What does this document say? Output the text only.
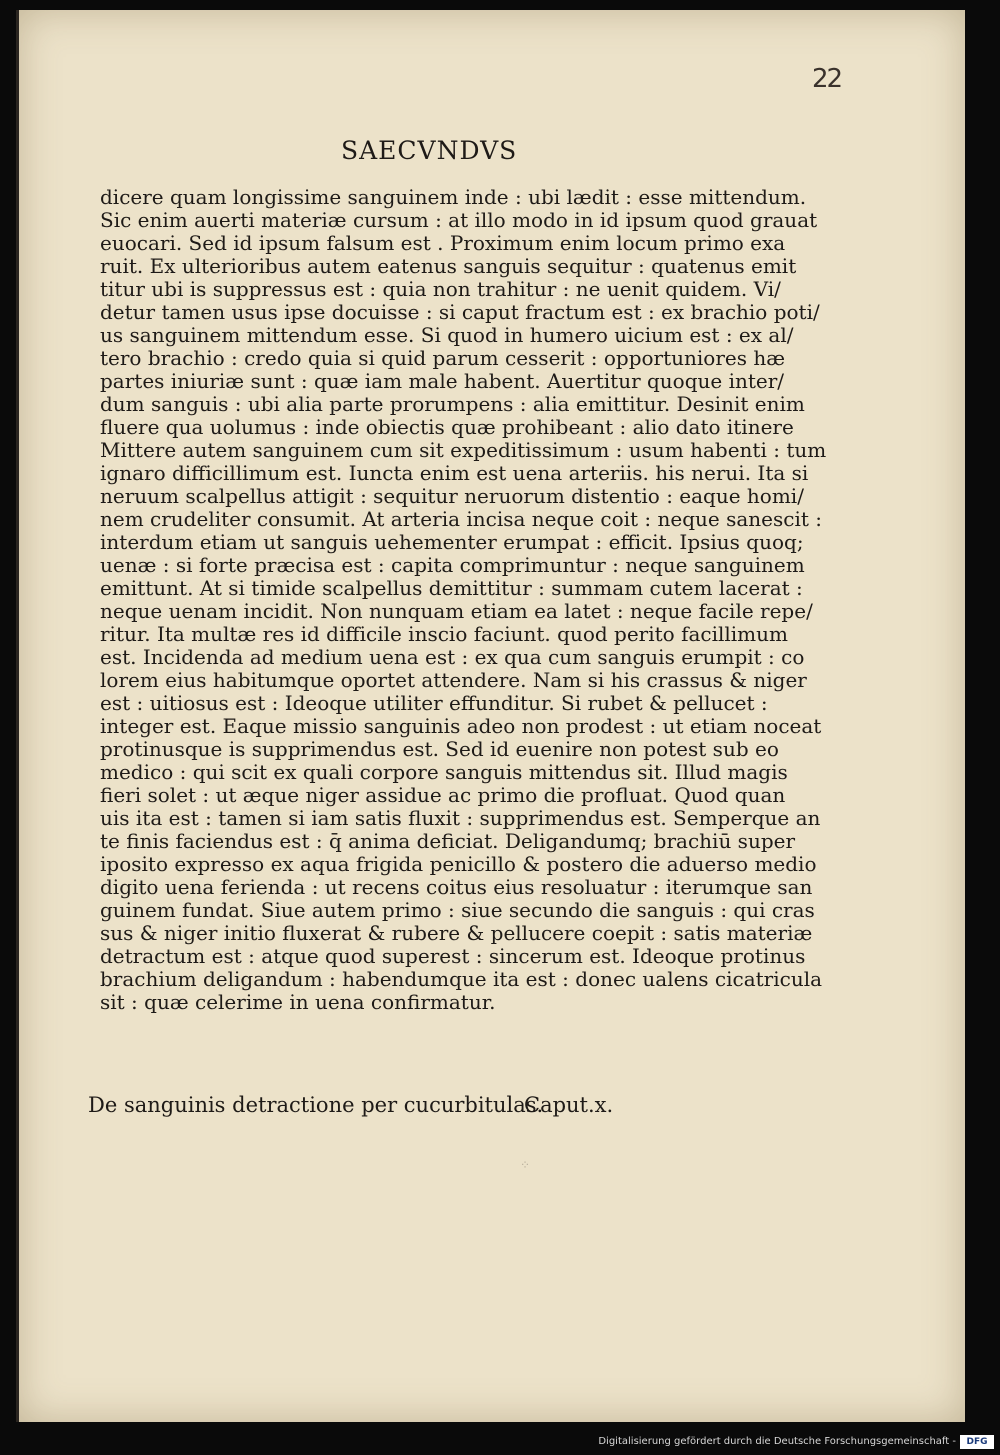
22
SAECVNDVS
dicere quam longissime sanguinem inde : ubi lædit : esse mittendum.
Sic enim auerti materiæ cursum : at illo modo in id ipsum quod grauat
euocari. Sed id ipsum falsum est . Proximum enim locum primo exa
ruit. Ex ulterioribus autem eatenus sanguis sequitur : quatenus emit
titur ubi is suppressus est : quia non trahitur : ne uenit quidem. Vi/
detur tamen usus ipse docuisse : si caput fractum est : ex brachio poti/
us sanguinem mittendum esse. Si quod in humero uicium est : ex al/
tero brachio : credo quia si quid parum cesserit : opportuniores hæ
partes iniuriæ sunt : quæ iam male habent. Auertitur quoque inter/
dum sanguis : ubi alia parte prorumpens : alia emittitur. Desinit enim
fluere qua uolumus : inde obiectis quæ prohibeant : alio dato itinere
Mittere autem sanguinem cum sit expeditissimum : usum habenti : tum
ignaro difficillimum est. Iuncta enim est uena arteriis. his nerui. Ita si
neruum scalpellus attigit : sequitur neruorum distentio : eaque homi/
nem crudeliter consumit. At arteria incisa neque coit : neque sanescit :
interdum etiam ut sanguis uehementer erumpat : efficit. Ipsius quoq;
uenæ : si forte præcisa est : capita comprimuntur : neque sanguinem
emittunt. At si timide scalpellus demittitur : summam cutem lacerat :
neque uenam incidit. Non nunquam etiam ea latet : neque facile repe/
ritur. Ita multæ res id difficile inscio faciunt. quod perito facillimum
est. Incidenda ad medium uena est : ex qua cum sanguis erumpit : co
lorem eius habitumque oportet attendere. Nam si his crassus & niger
est : uitiosus est : Ideoque utiliter effunditur. Si rubet & pellucet :
integer est. Eaque missio sanguinis adeo non prodest : ut etiam noceat
protinusque is supprimendus est. Sed id euenire non potest sub eo
medico : qui scit ex quali corpore sanguis mittendus sit. Illud magis
fieri solet : ut æque niger assidue ac primo die profluat. Quod quan
uis ita est : tamen si iam satis fluxit : supprimendus est. Semperque an
te finis faciendus est : q̄ anima deficiat. Deligandumq; brachiū super
iposito expresso ex aqua frigida penicillo & postero die aduerso medio
digito uena ferienda : ut recens coitus eius resoluatur : iterumque san
guinem fundat. Siue autem primo : siue secundo die sanguis : qui cras
sus & niger initio fluxerat & rubere & pellucere coepit : satis materiæ
detractum est : atque quod superest : sincerum est. Ideoque protinus
brachium deligandum : habendumque ita est : donec ualens cicatricula
sit : quæ celerime in uena confirmatur.
De sanguinis detractione per cucurbitulas.
Caput.x.
⁘
Digitalisierung gefördert durch die Deutsche Forschungsgemeinschaft -	DFG
